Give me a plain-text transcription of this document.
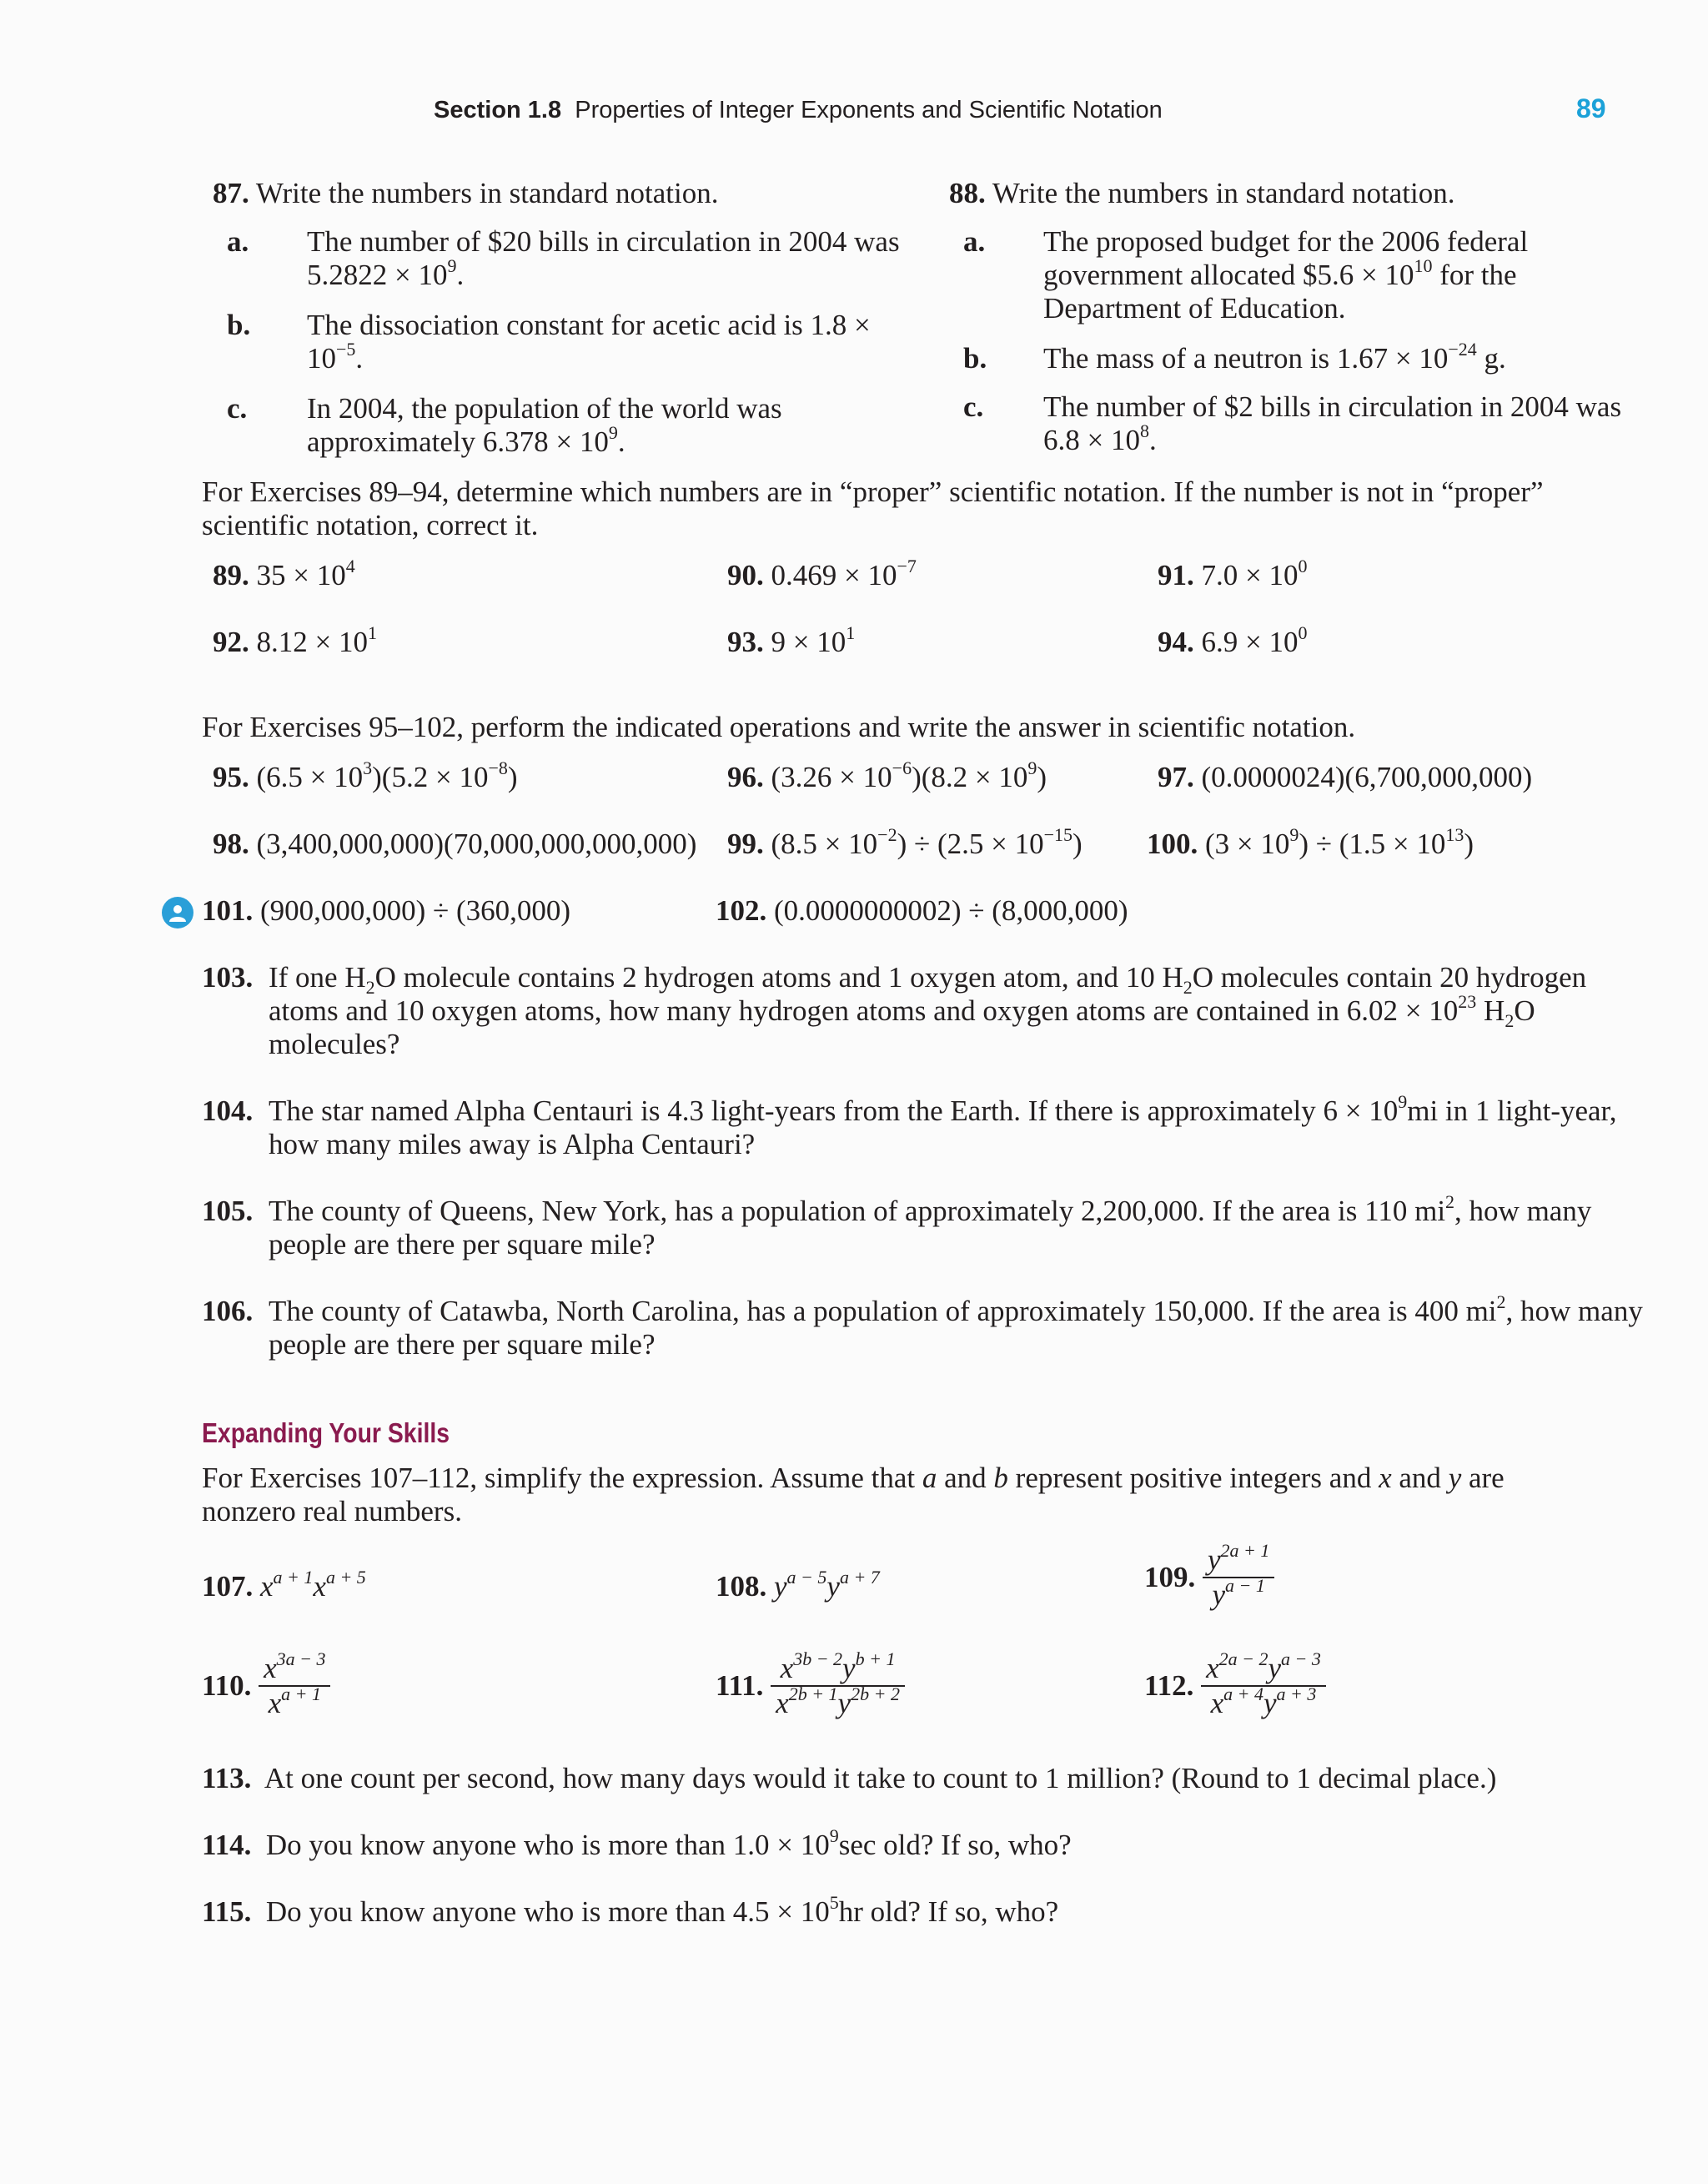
Section 1.8 Properties of Integer Exponents and Scientific Notation	89
87. Write the numbers in standard notation.
a. The number of $20 bills in circulation in 2004 was $5.2822 \times 10^9$.
b. The dissociation constant for acetic acid is $1.8 \times 10^{-5}$.
c. In 2004, the population of the world was approximately $6.378 \times 10^9$.
88. Write the numbers in standard notation.
a. The proposed budget for the 2006 federal government allocated $5.6 × $10^{10}$ for the Department of Education.
b. The mass of a neutron is $1.67 \times 10^{-24}$ g.
c. The number of $2 bills in circulation in 2004 was $6.8 \times 10^8$.
For Exercises 89–94, determine which numbers are in “proper” scientific notation. If the number is not in “proper” scientific notation, correct it.
89. $35 \times 10^4$	90. $0.469 \times 10^{-7}$	91. $7.0 \times 10^0$
92. $8.12 \times 10^1$	93. $9 \times 10^1$	94. $6.9 \times 10^0$
For Exercises 95–102, perform the indicated operations and write the answer in scientific notation.
95. $(6.5 \times 10^3)(5.2 \times 10^{-8})$	96. $(3.26 \times 10^{-6})(8.2 \times 10^9)$	97. (0.0000024)(6,700,000,000)
98. (3,400,000,000)(70,000,000,000,000) 99. $(8.5 \times 10^{-2}) \div (2.5 \times 10^{-15})$ 100. $(3 \times 10^9) \div (1.5 \times 10^{13})$
101. (900,000,000) ÷ (360,000)	102. (0.0000000002) ÷ (8,000,000)
103. If one $H_2O$ molecule contains 2 hydrogen atoms and 1 oxygen atom, and 10 $H_2O$ molecules contain 20 hydrogen atoms and 10 oxygen atoms, how many hydrogen atoms and oxygen atoms are contained in $6.02 \times 10^{23}$ $H_2O$ molecules?
104. The star named Alpha Centauri is 4.3 light-years from the Earth. If there is approximately $6 \times 10^9mi$ in 1 light-year, how many miles away is Alpha Centauri?
105. The county of Queens, New York, has a population of approximately 2,200,000. If the area is 110 $mi^2$, how many people are there per square mile?
106. The county of Catawba, North Carolina, has a population of approximately 150,000. If the area is 400 $mi^2$, how many people are there per square mile?
Expanding Your Skills
For Exercises 107–112, simplify the expression. Assume that a and b represent positive integers and x and y are nonzero real numbers.
107. $x^{a + 1}x^{a + 5}$	108. $y^{a - 5}y^{a + 7}$	109. $\frac{y^{2a + 1}}{y^{a - 1}}$
110. $\frac{x^{3a - 3}}{x^{a + 1}}$	111. $\frac{x^{3b - 2}y^{b + 1}}{x^{2b + 1}y^{2b + 2}}$	112. $\frac{x^{2a - 2}y^{a - 3}}{x^{a + 4}y^{a + 3}}$
113. At one count per second, how many days would it take to count to 1 million? (Round to 1 decimal place.)
114. Do you know anyone who is more than $1.0 \times 10^9\sec$ old? If so, who?
115. Do you know anyone who is more than $4.5 \times 10^5hr$ old? If so, who?
